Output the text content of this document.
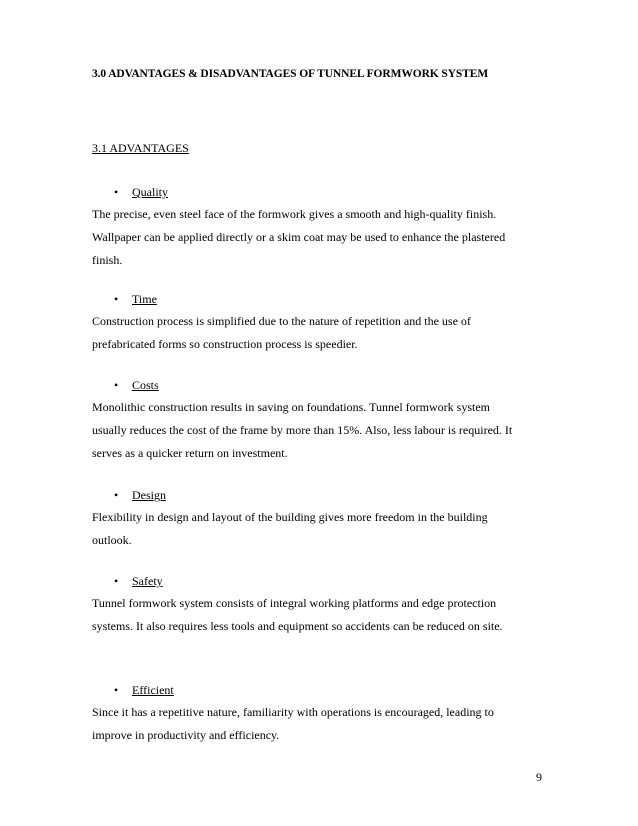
3.0 ADVANTAGES & DISADVANTAGES OF TUNNEL FORMWORK SYSTEM
3.1 ADVANTAGES
• Quality
The precise, even steel face of the formwork gives a smooth and high-quality finish.
Wallpaper can be applied directly or a skim coat may be used to enhance the plastered
finish.
• Time
Construction process is simplified due to the nature of repetition and the use of
prefabricated forms so construction process is speedier.
• Costs
Monolithic construction results in saving on foundations. Tunnel formwork system
usually reduces the cost of the frame by more than 15%. Also, less labour is required. It
serves as a quicker return on investment.
• Design
Flexibility in design and layout of the building gives more freedom in the building
outlook.
• Safety
Tunnel formwork system consists of integral working platforms and edge protection
systems. It also requires less tools and equipment so accidents can be reduced on site.
• Efficient
Since it has a repetitive nature, familiarity with operations is encouraged, leading to
improve in productivity and efficiency.
9
